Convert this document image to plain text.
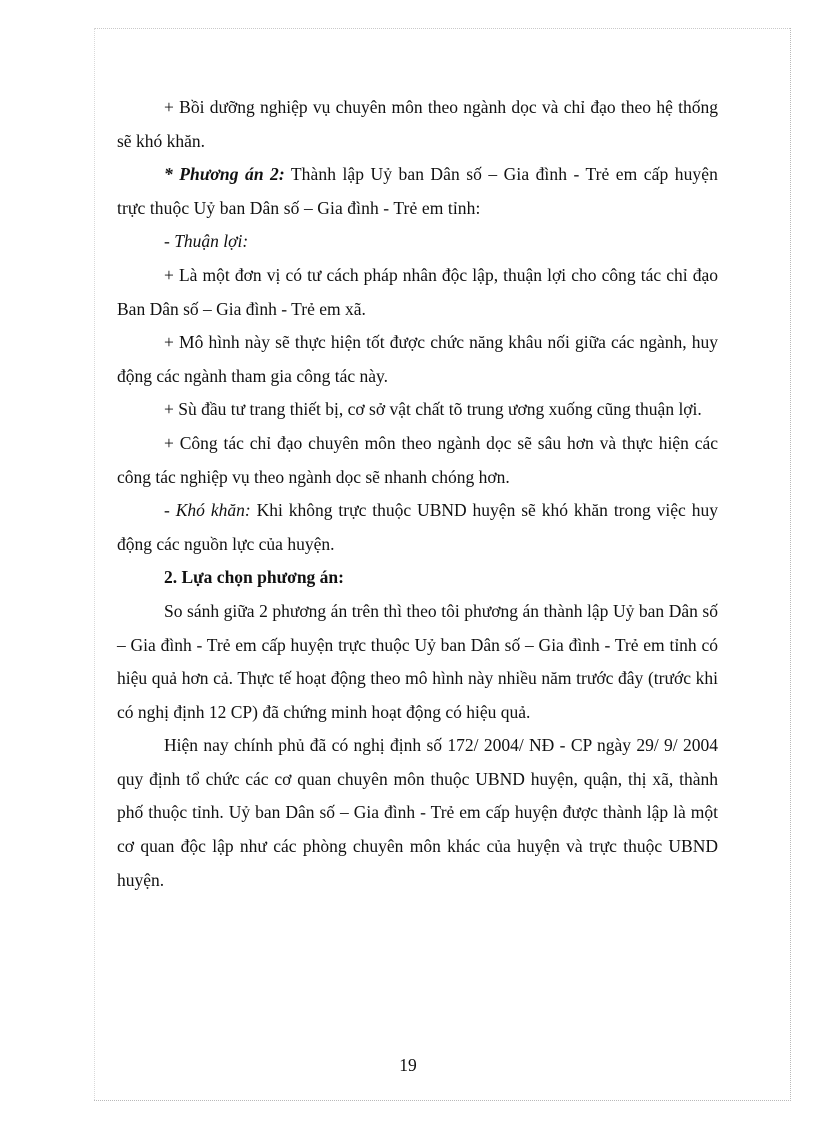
+ Bồi dưỡng nghiệp vụ chuyên môn theo ngành dọc và chỉ đạo theo hệ thống sẽ khó khăn.

* Phương án 2: Thành lập Uỷ ban Dân số – Gia đình - Trẻ em cấp huyện trực thuộc Uỷ ban Dân số – Gia đình - Trẻ em tỉnh:

- Thuận lợi:

+ Là một đơn vị có tư cách pháp nhân độc lập, thuận lợi cho công tác chỉ đạo Ban Dân số – Gia đình - Trẻ em xã.

+ Mô hình này sẽ thực hiện tốt được chức năng khâu nối giữa các ngành, huy động các ngành tham gia công tác này.

+ Sù đầu tư trang thiết bị, cơ sở vật chất tõ trung ương xuống cũng thuận lợi.

+ Công tác chỉ đạo chuyên môn theo ngành dọc sẽ sâu hơn và thực hiện các công tác nghiệp vụ theo ngành dọc sẽ nhanh chóng hơn.

- Khó khăn: Khi không trực thuộc UBND huyện sẽ khó khăn trong việc huy động các nguồn lực của huyện.

2. Lựa chọn phương án:

So sánh giữa 2 phương án trên thì theo tôi phương án thành lập Uỷ ban Dân số – Gia đình - Trẻ em cấp huyện trực thuộc Uỷ ban Dân số – Gia đình - Trẻ em tỉnh có hiệu quả hơn cả. Thực tế hoạt động theo mô hình này nhiều năm trước đây (trước khi có nghị định 12 CP) đã chứng minh hoạt động có hiệu quả.

Hiện nay chính phủ đã có nghị định số 172/ 2004/ NĐ - CP ngày 29/ 9/ 2004 quy định tổ chức các cơ quan chuyên môn thuộc UBND huyện, quận, thị xã, thành phố thuộc tỉnh. Uỷ ban Dân số – Gia đình - Trẻ em cấp huyện được thành lập là một cơ quan độc lập như các phòng chuyên môn khác của huyện và trực thuộc UBND huyện.

19
